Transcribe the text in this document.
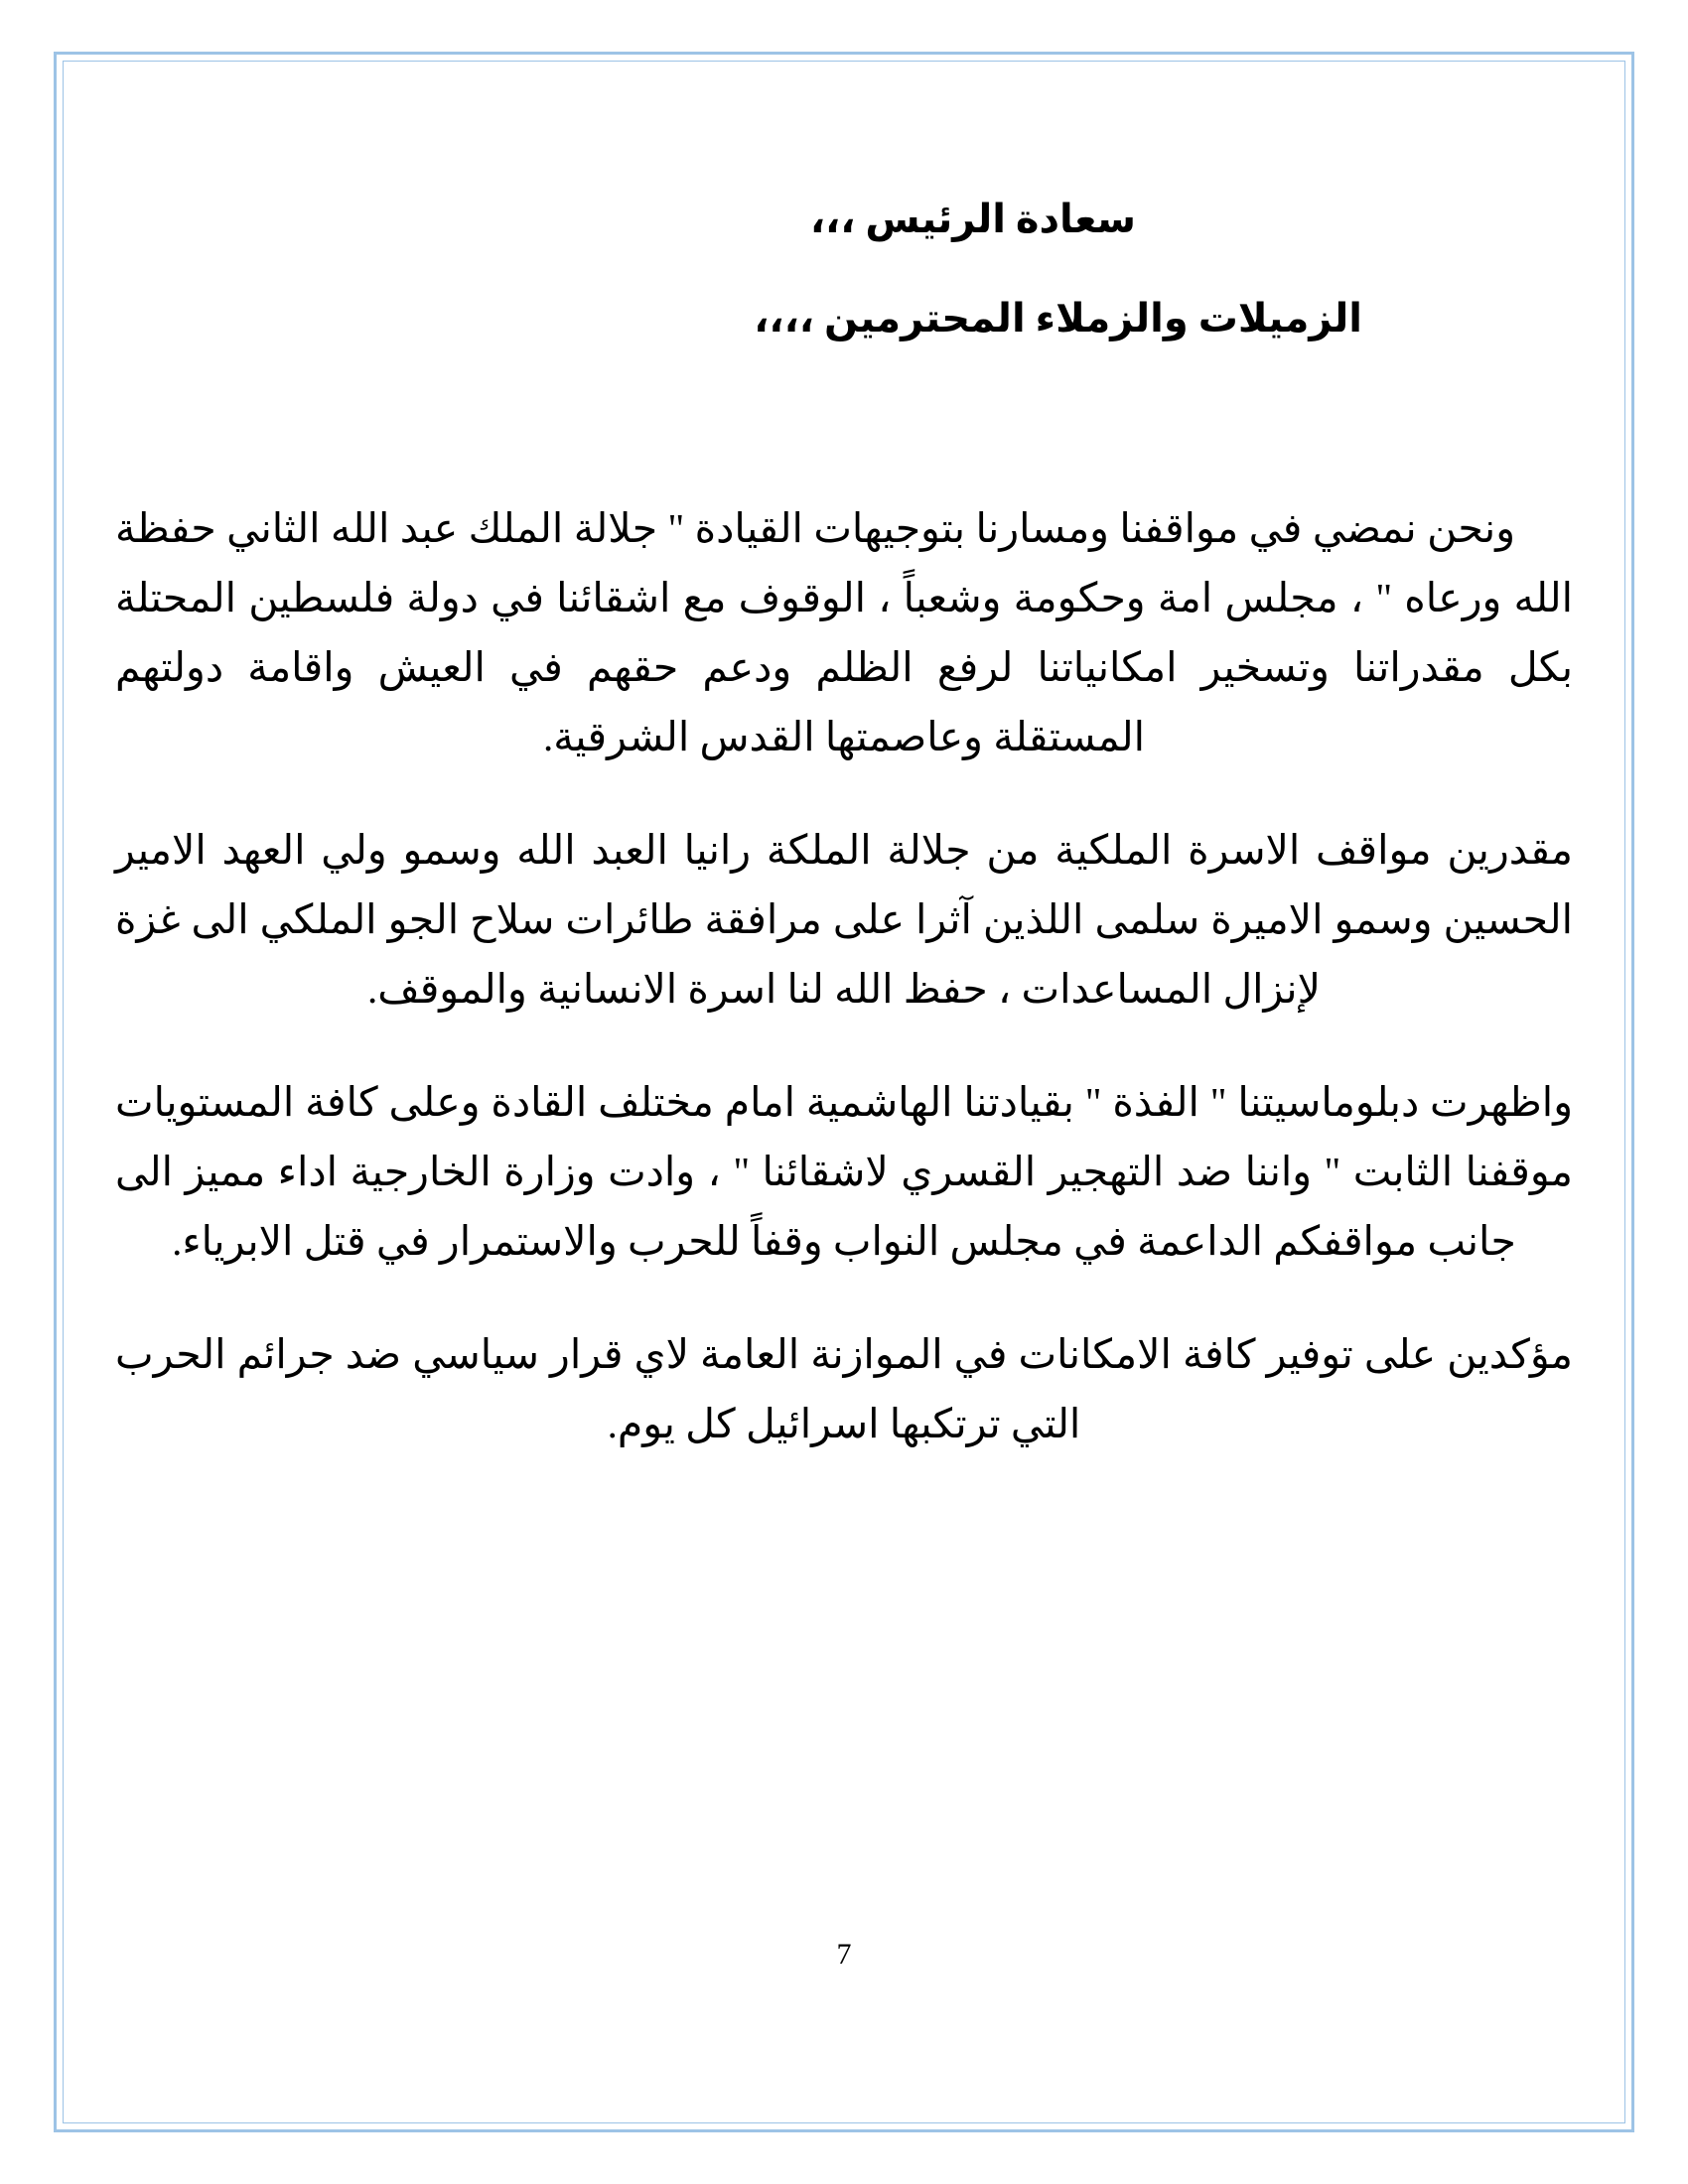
سعادة الرئيس ،،،
الزميلات والزملاء المحترمين ،،،،

ونحن نمضي في مواقفنا ومسارنا بتوجيهات القيادة " جلالة الملك عبد الله الثاني حفظة الله ورعاه " ، مجلس امة وحكومة وشعباً ، الوقوف مع اشقائنا في دولة فلسطين المحتلة بكل مقدراتنا وتسخير امكانياتنا لرفع الظلم ودعم حقهم في العيش واقامة دولتهم المستقلة وعاصمتها القدس الشرقية.

مقدرين مواقف الاسرة الملكية من جلالة الملكة رانيا العبد الله وسمو ولي العهد الامير الحسين وسمو الاميرة سلمى اللذين آثرا على مرافقة طائرات سلاح الجو الملكي الى غزة لإنزال المساعدات ، حفظ الله لنا اسرة الانسانية والموقف.

واظهرت دبلوماسيتنا " الفذة " بقيادتنا الهاشمية امام مختلف القادة وعلى كافة المستويات موقفنا الثابت " واننا ضد التهجير القسري لاشقائنا " ، وادت وزارة الخارجية اداء مميز الى جانب مواقفكم الداعمة في مجلس النواب وقفاً للحرب والاستمرار في قتل الابرياء.

مؤكدين على توفير كافة الامكانات في الموازنة العامة لاي قرار سياسي ضد جرائم الحرب التي ترتكبها اسرائيل كل يوم.

7
